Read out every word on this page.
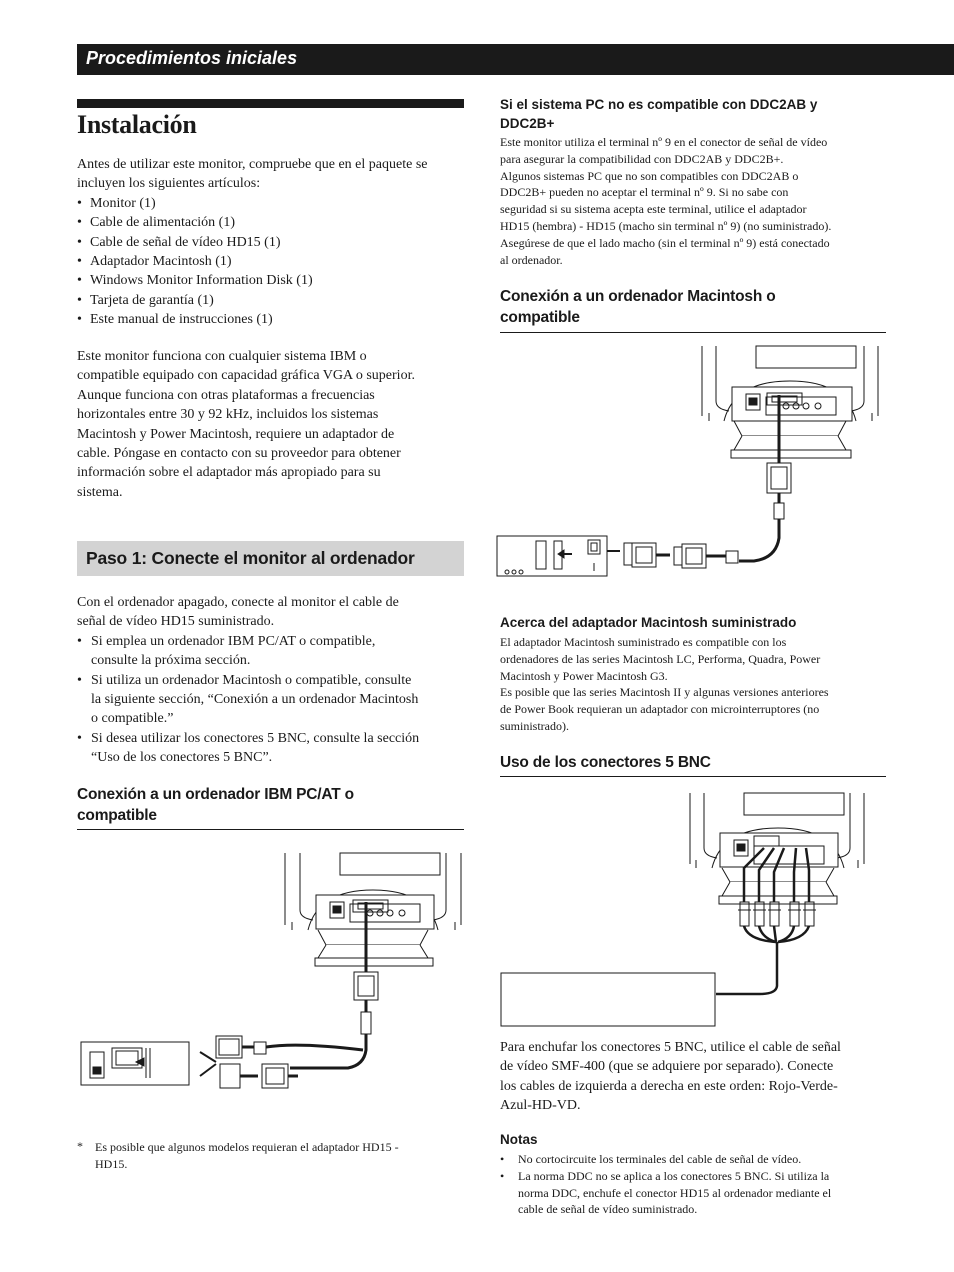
Procedimientos iniciales
Instalación

Antes de utilizar este monitor, compruebe que en el paquete se incluyen los siguientes artículos:

• Monitor (1)
• Cable de alimentación (1)
• Cable de señal de vídeo HD15 (1)
• Adaptador Macintosh (1)
• Windows Monitor Information Disk (1)
• Tarjeta de garantía (1)
• Este manual de instrucciones (1)
Este monitor funciona con cualquier sistema IBM o
compatible equipado con capacidad gráfica VGA o superior.
Aunque funciona con otras plataformas a frecuencias
horizontales entre 30 y 92 kHz, incluidos los sistemas
Macintosh y Power Macintosh, requiere un adaptador de
cable. Póngase en contacto con su proveedor para obtener
información sobre el adaptador más apropiado para su
sistema.
Paso 1: Conecte el monitor al ordenador
Con el ordenador apagado, conecte al monitor el cable de
señal de vídeo HD15 suministrado.
• Si emplea un ordenador IBM PC/AT o compatible,
consulte la próxima sección.
• Si utiliza un ordenador Macintosh o compatible, consulte
la siguiente sección, “Conexión a un ordenador Macintosh
o compatible.”
• Si desea utilizar los conectores 5 BNC, consulte la sección
“Uso de los conectores 5 BNC”.
Conexión a un ordenador IBM PC/AT o
compatible
*	Es posible que algunos modelos requieran el adaptador HD15 -
HD15.
Si el sistema PC no es compatible con DDC2AB y
DDC2B+
Este monitor utiliza el terminal nº 9 en el conector de señal de vídeo
para asegurar la compatibilidad con DDC2AB y DDC2B+.
Algunos sistemas PC que no son compatibles con DDC2AB o
DDC2B+ pueden no aceptar el terminal nº 9. Si no sabe con
seguridad si su sistema acepta este terminal, utilice el adaptador
HD15 (hembra) - HD15 (macho sin terminal nº 9) (no suministrado).
Asegúrese de que el lado macho (sin el terminal nº 9) está conectado
al ordenador.
Conexión a un ordenador Macintosh o
compatible
Acerca del adaptador Macintosh suministrado
El adaptador Macintosh suministrado es compatible con los
ordenadores de las series Macintosh LC, Performa, Quadra, Power
Macintosh y Power Macintosh G3.
Es posible que las series Macintosh II y algunas versiones anteriores
de Power Book requieran un adaptador con microinterruptores (no
suministrado).
Uso de los conectores 5 BNC
Para enchufar los conectores 5 BNC, utilice el cable de señal
de vídeo SMF-400 (que se adquiere por separado). Conecte
los cables de izquierda a derecha en este orden: Rojo-Verde-
Azul-HD-VD.
Notas
• No cortocircuite los terminales del cable de señal de vídeo.
• La norma DDC no se aplica a los conectores 5 BNC. Si utiliza la
norma DDC, enchufe el conector HD15 al ordenador mediante el
cable de señal de vídeo suministrado.
